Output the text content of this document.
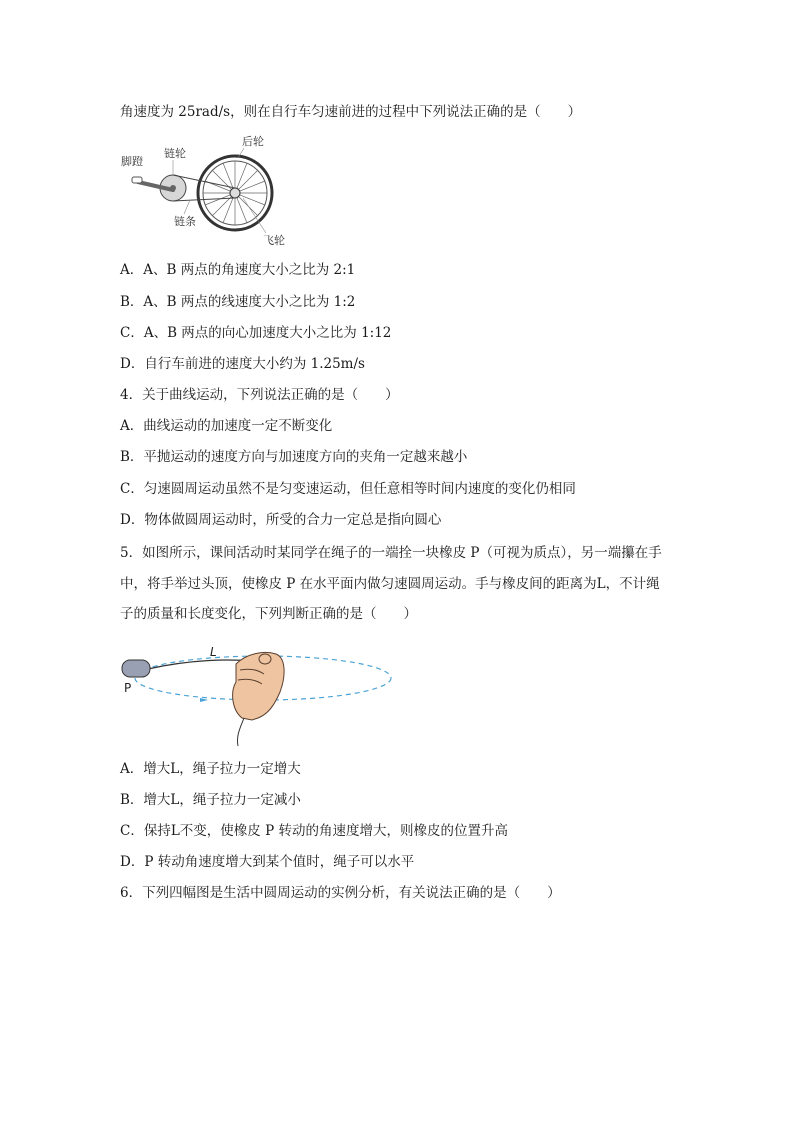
角速度为 25rad/s，则在自行车匀速前进的过程中下列说法正确的是（　　）
后轮
链轮
脚蹬
链条
飞轮
A．A、B 两点的角速度大小之比为 2:1
B．A、B 两点的线速度大小之比为 1:2
C．A、B 两点的向心加速度大小之比为 1:12
D．自行车前进的速度大小约为 1.25m/s
4．关于曲线运动，下列说法正确的是（　　）
A．曲线运动的加速度一定不断变化
B．平抛运动的速度方向与加速度方向的夹角一定越来越小
C．匀速圆周运动虽然不是匀变速运动，但任意相等时间内速度的变化仍相同
D．物体做圆周运动时，所受的合力一定总是指向圆心
5．如图所示，课间活动时某同学在绳子的一端拴一块橡皮 P（可视为质点），另一端攥在手
中，将手举过头顶，使橡皮 P 在水平面内做匀速圆周运动。手与橡皮间的距离为L，不计绳
子的质量和长度变化，下列判断正确的是（　　）
P
L
A．增大L，绳子拉力一定增大
B．增大L，绳子拉力一定减小
C．保持L不变，使橡皮 P 转动的角速度增大，则橡皮的位置升高
D．P 转动角速度增大到某个值时，绳子可以水平
6．下列四幅图是生活中圆周运动的实例分析，有关说法正确的是（　　）
